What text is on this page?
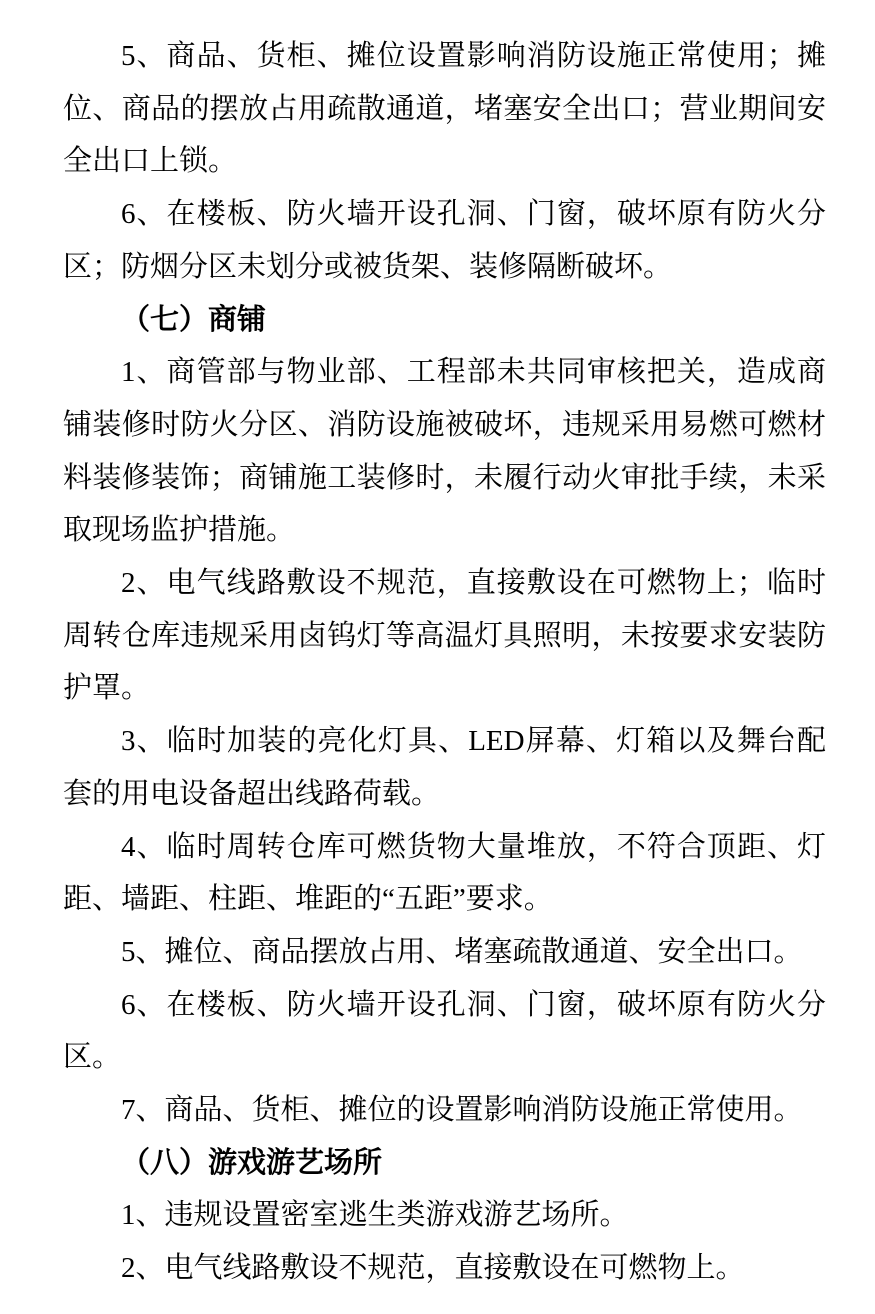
5、商品、货柜、摊位设置影响消防设施正常使用；摊位、商品的摆放占用疏散通道，堵塞安全出口；营业期间安全出口上锁。

6、在楼板、防火墙开设孔洞、门窗，破坏原有防火分区；防烟分区未划分或被货架、装修隔断破坏。

（七）商铺

1、商管部与物业部、工程部未共同审核把关，造成商铺装修时防火分区、消防设施被破坏，违规采用易燃可燃材料装修装饰；商铺施工装修时，未履行动火审批手续，未采取现场监护措施。

2、电气线路敷设不规范，直接敷设在可燃物上；临时周转仓库违规采用卤钨灯等高温灯具照明，未按要求安装防护罩。

3、临时加装的亮化灯具、LED屏幕、灯箱以及舞台配套的用电设备超出线路荷载。

4、临时周转仓库可燃货物大量堆放，不符合顶距、灯距、墙距、柱距、堆距的“五距”要求。

5、摊位、商品摆放占用、堵塞疏散通道、安全出口。

6、在楼板、防火墙开设孔洞、门窗，破坏原有防火分区。

7、商品、货柜、摊位的设置影响消防设施正常使用。

（八）游戏游艺场所

1、违规设置密室逃生类游戏游艺场所。

2、电气线路敷设不规范，直接敷设在可燃物上。
